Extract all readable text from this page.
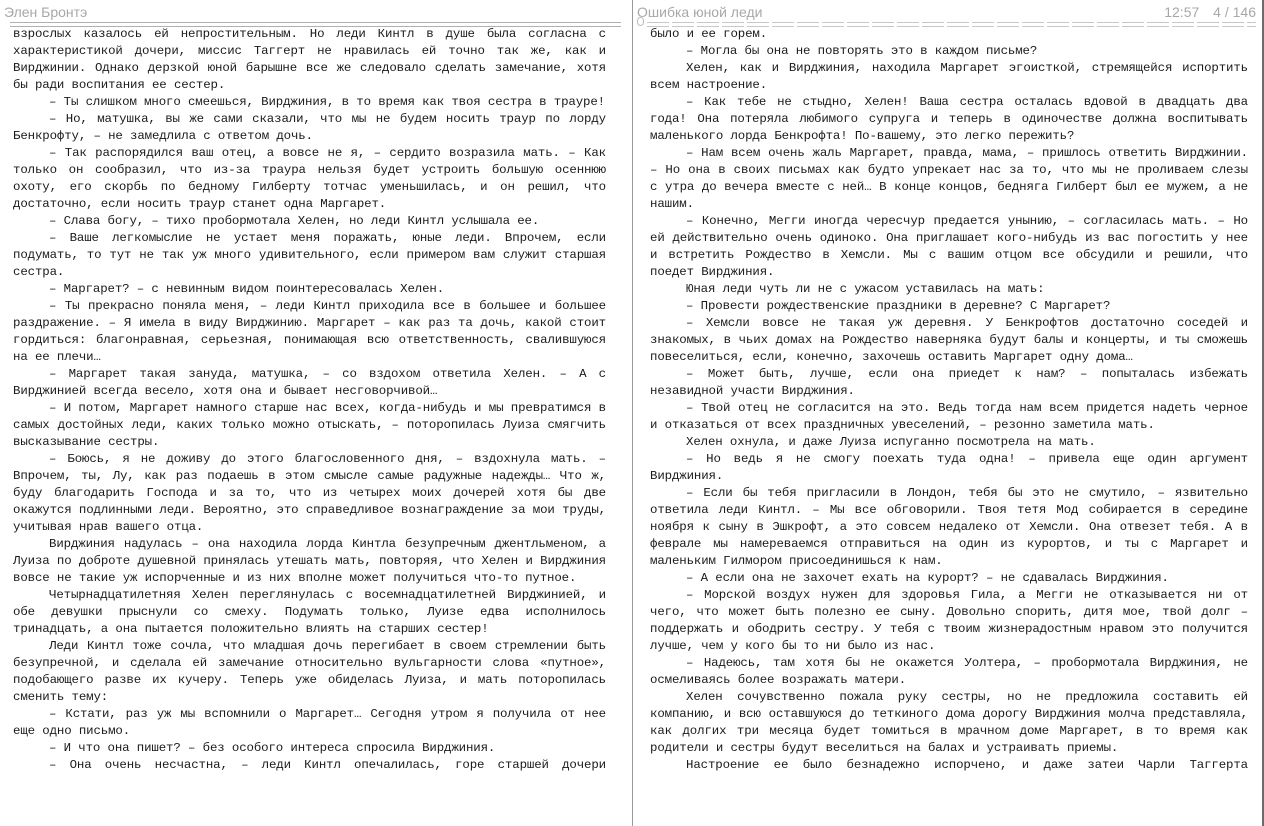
Элен Бронтэ

взрослых казалось ей непростительным. Но леди Кинтл в душе была согласна с характеристикой дочери, миссис Таггерт не нравилась ей точно так же, как и Вирджинии. Однако дерзкой юной барышне все же следовало сделать замечание, хотя бы ради воспитания ее сестер.

– Ты слишком много смеешься, Вирджиния, в то время как твоя сестра в трауре!

– Но, матушка, вы же сами сказали, что мы не будем носить траур по лорду Бенкрофту, – не замедлила с ответом дочь.

– Так распорядился ваш отец, а вовсе не я, – сердито возразила мать. – Как только он сообразил, что из-за траура нельзя будет устроить большую осеннюю охоту, его скорбь по бедному Гилберту тотчас уменьшилась, и он решил, что достаточно, если носить траур станет одна Маргарет.

– Слава богу, – тихо пробормотала Хелен, но леди Кинтл услышала ее.

– Ваше легкомыслие не устает меня поражать, юные леди. Впрочем, если подумать, то тут не так уж много удивительного, если примером вам служит старшая сестра.

– Маргарет? – с невинным видом поинтересовалась Хелен.

– Ты прекрасно поняла меня, – леди Кинтл приходила все в большее и большее раздражение. – Я имела в виду Вирджинию. Маргарет – как раз та дочь, какой стоит гордиться: благонравная, серьезная, понимающая всю ответственность, свалившуюся на ее плечи…

– Маргарет такая зануда, матушка, – со вздохом ответила Хелен. – А с Вирджинией всегда весело, хотя она и бывает несговорчивой…

– И потом, Маргарет намного старше нас всех, когда-нибудь и мы превратимся в самых достойных леди, каких только можно отыскать, – поторопилась Луиза смягчить высказывание сестры.

– Боюсь, я не доживу до этого благословенного дня, – вздохнула мать. – Впрочем, ты, Лу, как раз подаешь в этом смысле самые радужные надежды… Что ж, буду благодарить Господа и за то, что из четырех моих дочерей хотя бы две окажутся подлинными леди. Вероятно, это справедливое вознаграждение за мои труды, учитывая нрав вашего отца.

Вирджиния надулась – она находила лорда Кинтла безупречным джентльменом, а Луиза по доброте душевной принялась утешать мать, повторяя, что Хелен и Вирджиния вовсе не такие уж испорченные и из них вполне может получиться что-то путное.

Четырнадцатилетняя Хелен переглянулась с восемнадцатилетней Вирджинией, и обе девушки прыснули со смеху. Подумать только, Луизе едва исполнилось тринадцать, а она пытается положительно влиять на старших сестер!

Леди Кинтл тоже сочла, что младшая дочь перегибает в своем стремлении быть безупречной, и сделала ей замечание относительно вульгарности слова «путное», подобающего разве их кучеру. Теперь уже обиделась Луиза, и мать поторопилась сменить тему:

– Кстати, раз уж мы вспомнили о Маргарет… Сегодня утром я получила от нее еще одно письмо.

– И что она пишет? – без особого интереса спросила Вирджиния.

– Она очень несчастна, – леди Кинтл опечалилась, горе старшей дочери

Ошибка юной леди	12:57 4 / 146

было и ее горем.

– Могла бы она не повторять это в каждом письме?

Хелен, как и Вирджиния, находила Маргарет эгоисткой, стремящейся испортить всем настроение.

– Как тебе не стыдно, Хелен! Ваша сестра осталась вдовой в двадцать два года! Она потеряла любимого супруга и теперь в одиночестве должна воспитывать маленького лорда Бенкрофта! По-вашему, это легко пережить?

– Нам всем очень жаль Маргарет, правда, мама, – пришлось ответить Вирджинии. – Но она в своих письмах как будто упрекает нас за то, что мы не проливаем слезы с утра до вечера вместе с ней… В конце концов, бедняга Гилберт был ее мужем, а не нашим.

– Конечно, Мегги иногда чересчур предается унынию, – согласилась мать. – Но ей действительно очень одиноко. Она приглашает кого-нибудь из вас погостить у нее и встретить Рождество в Хемсли. Мы с вашим отцом все обсудили и решили, что поедет Вирджиния.

Юная леди чуть ли не с ужасом уставилась на мать:

– Провести рождественские праздники в деревне? С Маргарет?

– Хемсли вовсе не такая уж деревня. У Бенкрофтов достаточно соседей и знакомых, в чьих домах на Рождество наверняка будут балы и концерты, и ты сможешь повеселиться, если, конечно, захочешь оставить Маргарет одну дома…

– Может быть, лучше, если она приедет к нам? – попыталась избежать незавидной участи Вирджиния.

– Твой отец не согласится на это. Ведь тогда нам всем придется надеть черное и отказаться от всех праздничных увеселений, – резонно заметила мать.

Хелен охнула, и даже Луиза испуганно посмотрела на мать.

– Но ведь я не смогу поехать туда одна! – привела еще один аргумент Вирджиния.

– Если бы тебя пригласили в Лондон, тебя бы это не смутило, – язвительно ответила леди Кинтл. – Мы все обговорили. Твоя тетя Мод собирается в середине ноября к сыну в Эшкрофт, а это совсем недалеко от Хемсли. Она отвезет тебя. А в феврале мы намереваемся отправиться на один из курортов, и ты с Маргарет и маленьким Гилмором присоединишься к нам.

– А если она не захочет ехать на курорт? – не сдавалась Вирджиния.

– Морской воздух нужен для здоровья Гила, а Мегги не отказывается ни от чего, что может быть полезно ее сыну. Довольно спорить, дитя мое, твой долг – поддержать и ободрить сестру. У тебя с твоим жизнерадостным нравом это получится лучше, чем у кого бы то ни было из нас.

– Надеюсь, там хотя бы не окажется Уолтера, – пробормотала Вирджиния, не осмеливаясь более возражать матери.

Хелен сочувственно пожала руку сестры, но не предложила составить ей компанию, и всю оставшуюся до теткиного дома дорогу Вирджиния молча представляла, как долгих три месяца будет томиться в мрачном доме Маргарет, в то время как родители и сестры будут веселиться на балах и устраивать приемы.

Настроение ее было безнадежно испорчено, и даже затеи Чарли Таггерта
